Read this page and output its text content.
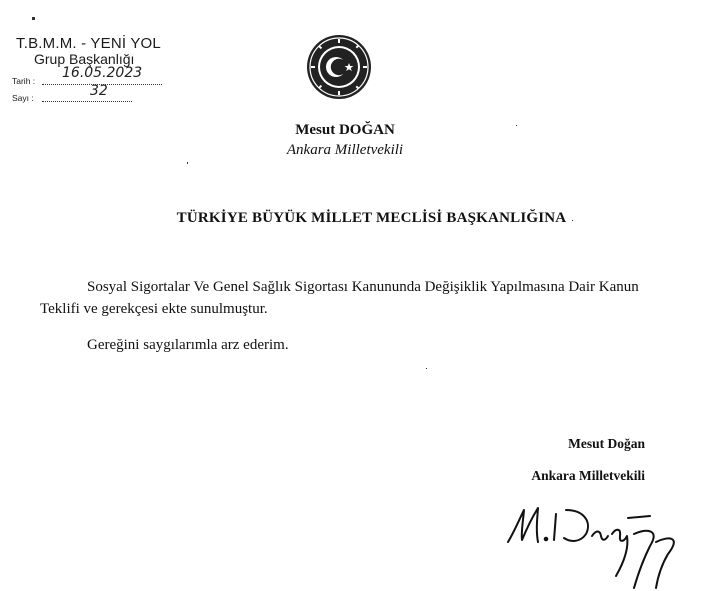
T.B.M.M. - YENİ YOL
Grup Başkanlığı
Tarih : 16.05.2023
Sayı :	32
Mesut DOĞAN
Ankara Milletvekili
TÜRKİYE BÜYÜK MİLLET MECLİSİ BAŞKANLIĞINA

Sosyal Sigortalar Ve Genel Sağlık Sigortası Kanununda Değişiklik Yapılmasına Dair Kanun Teklifi ve gerekçesi ekte sunulmuştur.

Gereğini saygılarımla arz ederim.
Mesut Doğan
Ankara Milletvekili
